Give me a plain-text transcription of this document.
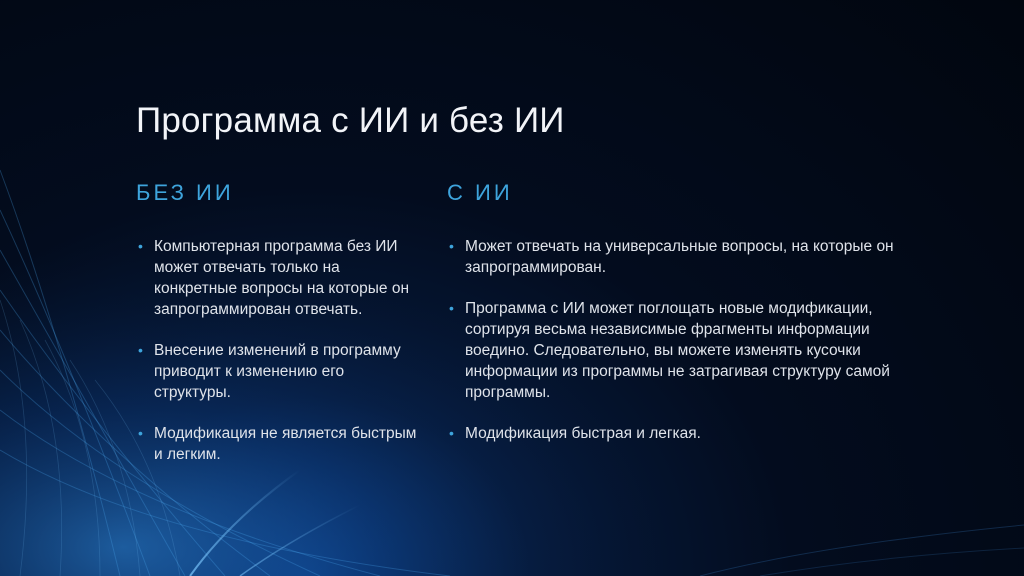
Программа с ИИ и без ИИ
БЕЗ ИИ
• Компьютерная программа без ИИ может отвечать только на конкретные вопросы на которые он запрограммирован отвечать.
• Внесение изменений в программу приводит к изменению его структуры.
• Модификация не является быстрым и легким.
С ИИ
• Может отвечать на универсальные вопросы, на которые он запрограммирован.
• Программа с ИИ может поглощать новые модификации, сортируя весьма независимые фрагменты информации воедино. Следовательно, вы можете изменять кусочки информации из программы не затрагивая структуру самой программы.
• Модификация быстрая и легкая.
